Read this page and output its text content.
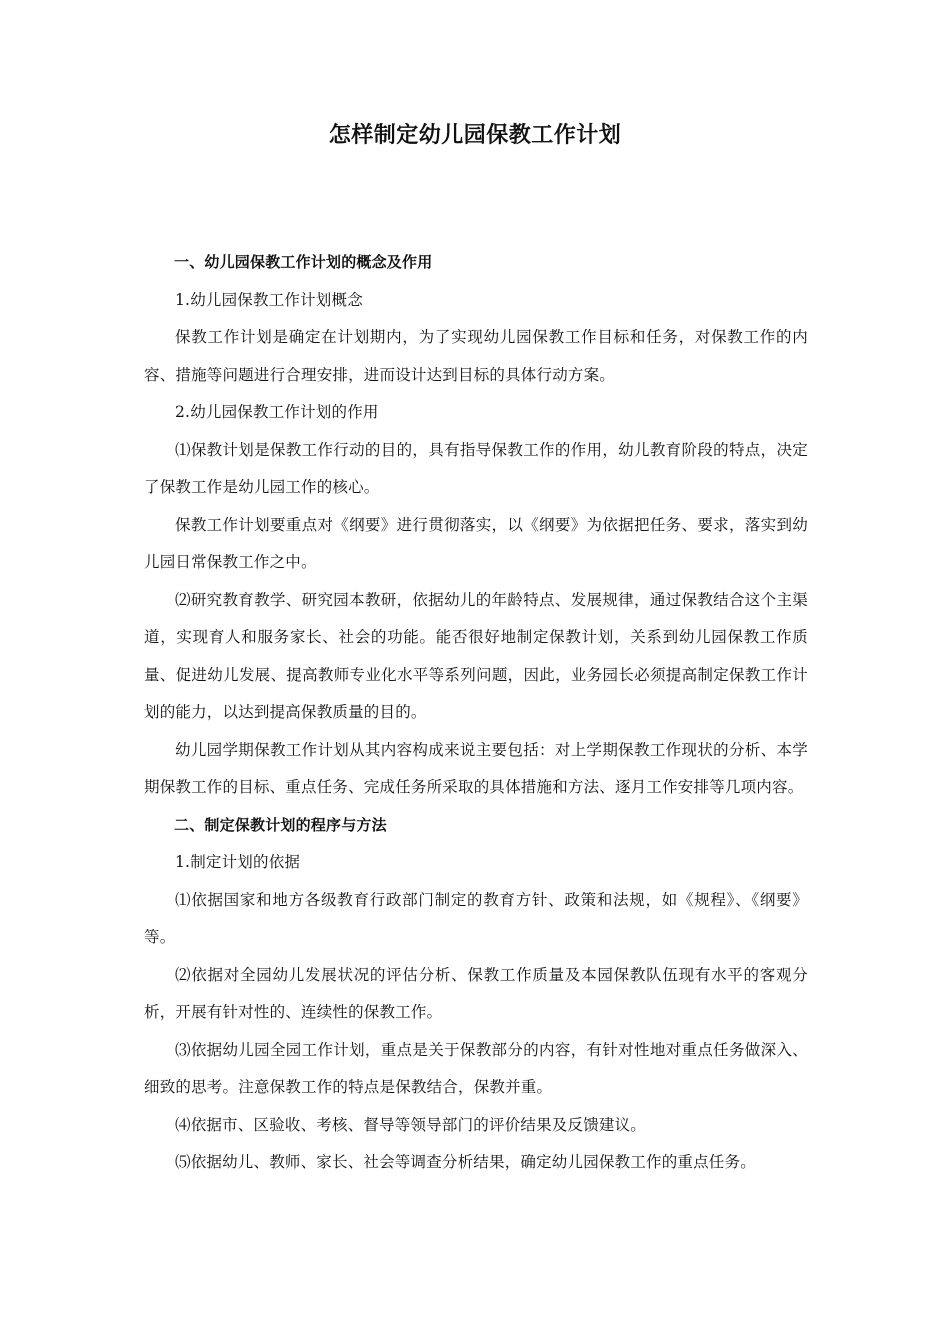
怎样制定幼儿园保教工作计划

一、幼儿园保教工作计划的概念及作用

1.幼儿园保教工作计划概念

保教工作计划是确定在计划期内，为了实现幼儿园保教工作目标和任务，对保教工作的内容、措施等问题进行合理安排，进而设计达到目标的具体行动方案。

2.幼儿园保教工作计划的作用

⑴保教计划是保教工作行动的目的，具有指导保教工作的作用，幼儿教育阶段的特点，决定了保教工作是幼儿园工作的核心。

保教工作计划要重点对《纲要》进行贯彻落实，以《纲要》为依据把任务、要求，落实到幼儿园日常保教工作之中。

⑵研究教育教学、研究园本教研，依据幼儿的年龄特点、发展规律，通过保教结合这个主渠道，实现育人和服务家长、社会的功能。能否很好地制定保教计划，关系到幼儿园保教工作质量、促进幼儿发展、提高教师专业化水平等系列问题，因此，业务园长必须提高制定保教工作计划的能力，以达到提高保教质量的目的。

幼儿园学期保教工作计划从其内容构成来说主要包括：对上学期保教工作现状的分析、本学期保教工作的目标、重点任务、完成任务所采取的具体措施和方法、逐月工作安排等几项内容。

二、制定保教计划的程序与方法

1.制定计划的依据

⑴依据国家和地方各级教育行政部门制定的教育方针、政策和法规，如《规程》、《纲要》等。

⑵依据对全园幼儿发展状况的评估分析、保教工作质量及本园保教队伍现有水平的客观分析，开展有针对性的、连续性的保教工作。

⑶依据幼儿园全园工作计划，重点是关于保教部分的内容，有针对性地对重点任务做深入、细致的思考。注意保教工作的特点是保教结合，保教并重。

⑷依据市、区验收、考核、督导等领导部门的评价结果及反馈建议。

⑸依据幼儿、教师、家长、社会等调查分析结果，确定幼儿园保教工作的重点任务。
